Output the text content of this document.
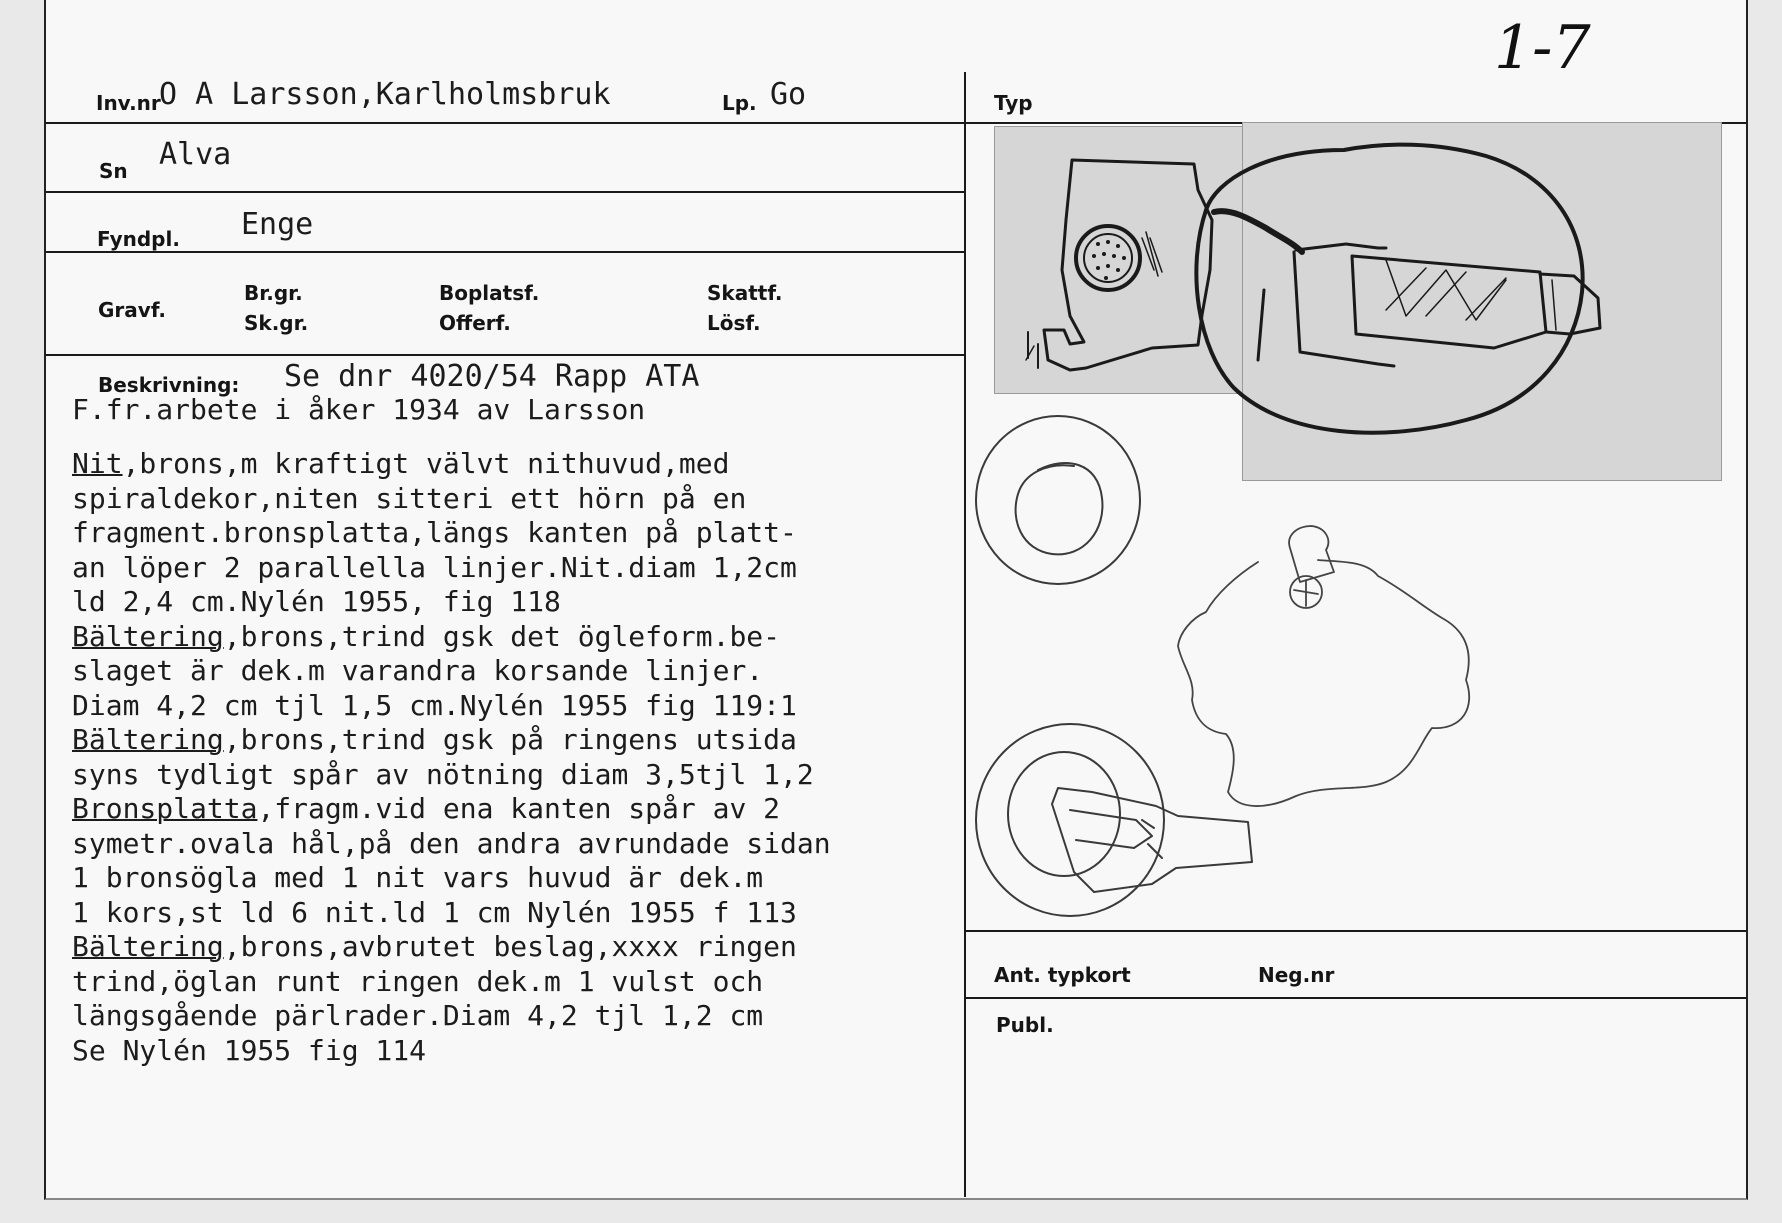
1-7
Inv.nr
O A Larsson,Karlholmsbruk	Lp. Go
Sn Alva
Fyndpl. Enge
Gravf.
Br.gr.
Sk.gr.
Boplatsf.
Offerf.
Skattf.
Lösf.
Beskrivning: Se dnr 4020/54 Rapp ATA
F.fr.arbete i åker 1934 av Larsson
Nit,brons,m kraftigt välvt nithuvud,med
spiraldekor,niten sitteri ett hörn på en
fragment.bronsplatta,längs kanten på platt-
an löper 2 parallella linjer.Nit.diam 1,2cm
ld 2,4 cm.Nylén 1955, fig 118
Bältering,brons,trind gsk det ögleform.be-
slaget är dek.m varandra korsande linjer.
Diam 4,2 cm tjl 1,5 cm.Nylén 1955 fig 119:1
Bältering,brons,trind gsk på ringens utsida
syns tydligt spår av nötning diam 3,5tjl 1,2
Bronsplatta,fragm.vid ena kanten spår av 2
symetr.ovala hål,på den andra avrundade sidan
1 bronsögla med 1 nit vars huvud är dek.m
1 kors,st ld 6 nit.ld 1 cm Nylén 1955 f 113
Bältering,brons,avbrutet beslag,xxxx ringen
trind,öglan runt ringen dek.m 1 vulst och
längsgående pärlrader.Diam 4,2 tjl 1,2 cm
Se Nylén 1955 fig 114
Typ
Ant. typkort	Neg.nr
Publ.
